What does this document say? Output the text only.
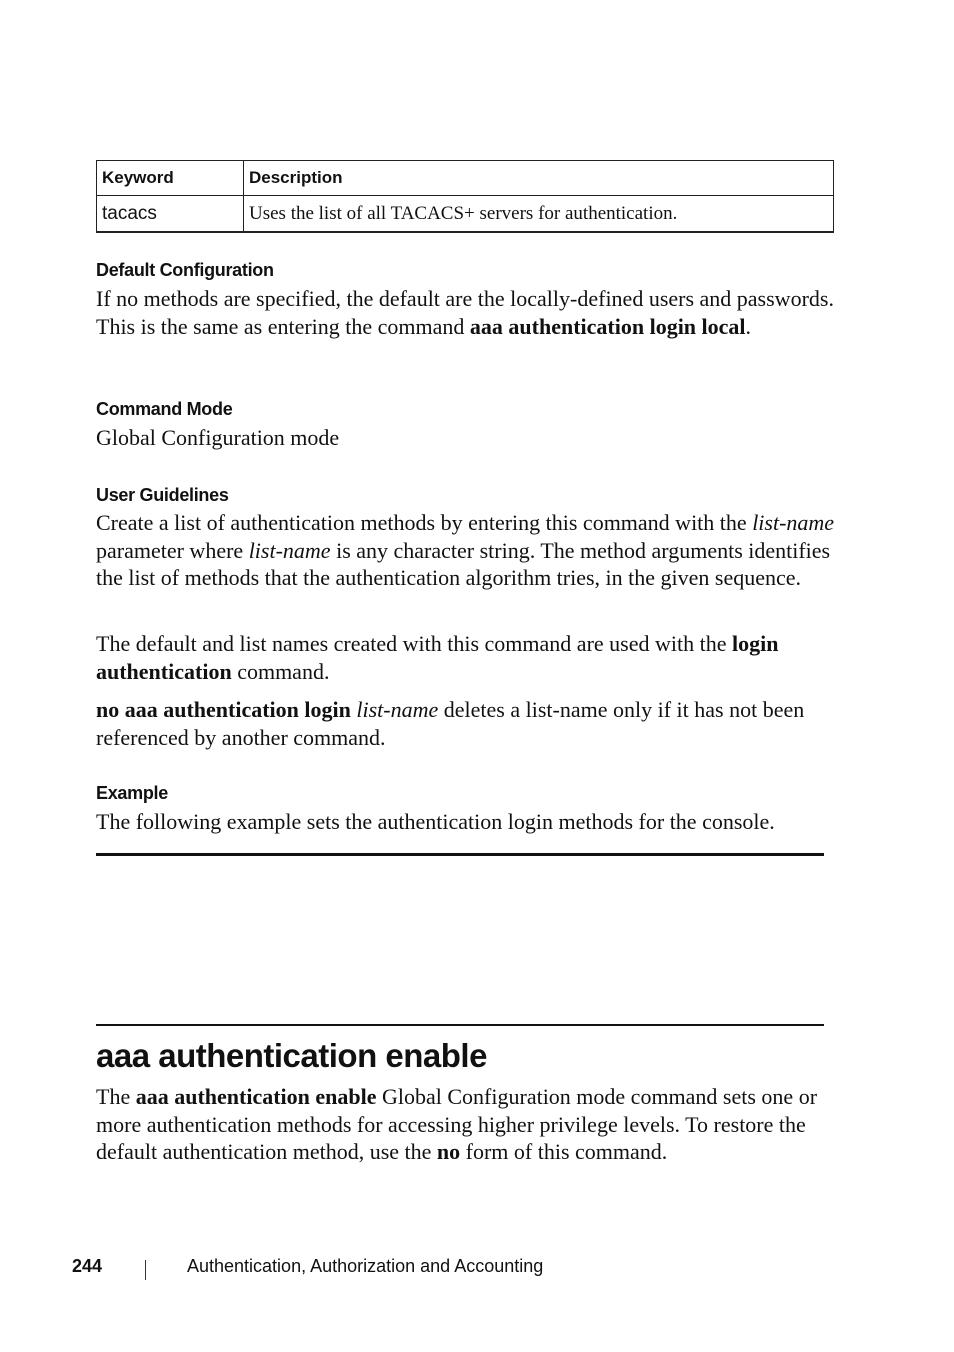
Keyword	Description
tacacs	Uses the list of all TACACS+ servers for authentication.
Default Configuration
If no methods are specified, the default are the locally-defined users and passwords. This is the same as entering the command aaa authentication login local.
Command Mode
Global Configuration mode
User Guidelines
Create a list of authentication methods by entering this command with the list-name parameter where list-name is any character string. The method arguments identifies the list of methods that the authentication algorithm tries, in the given sequence.
The default and list names created with this command are used with the login authentication command.
no aaa authentication login list-name deletes a list-name only if it has not been referenced by another command.
Example
The following example sets the authentication login methods for the console.
aaa authentication enable
The aaa authentication enable Global Configuration mode command sets one or more authentication methods for accessing higher privilege levels. To restore the default authentication method, use the no form of this command.
244	Authentication, Authorization and Accounting
